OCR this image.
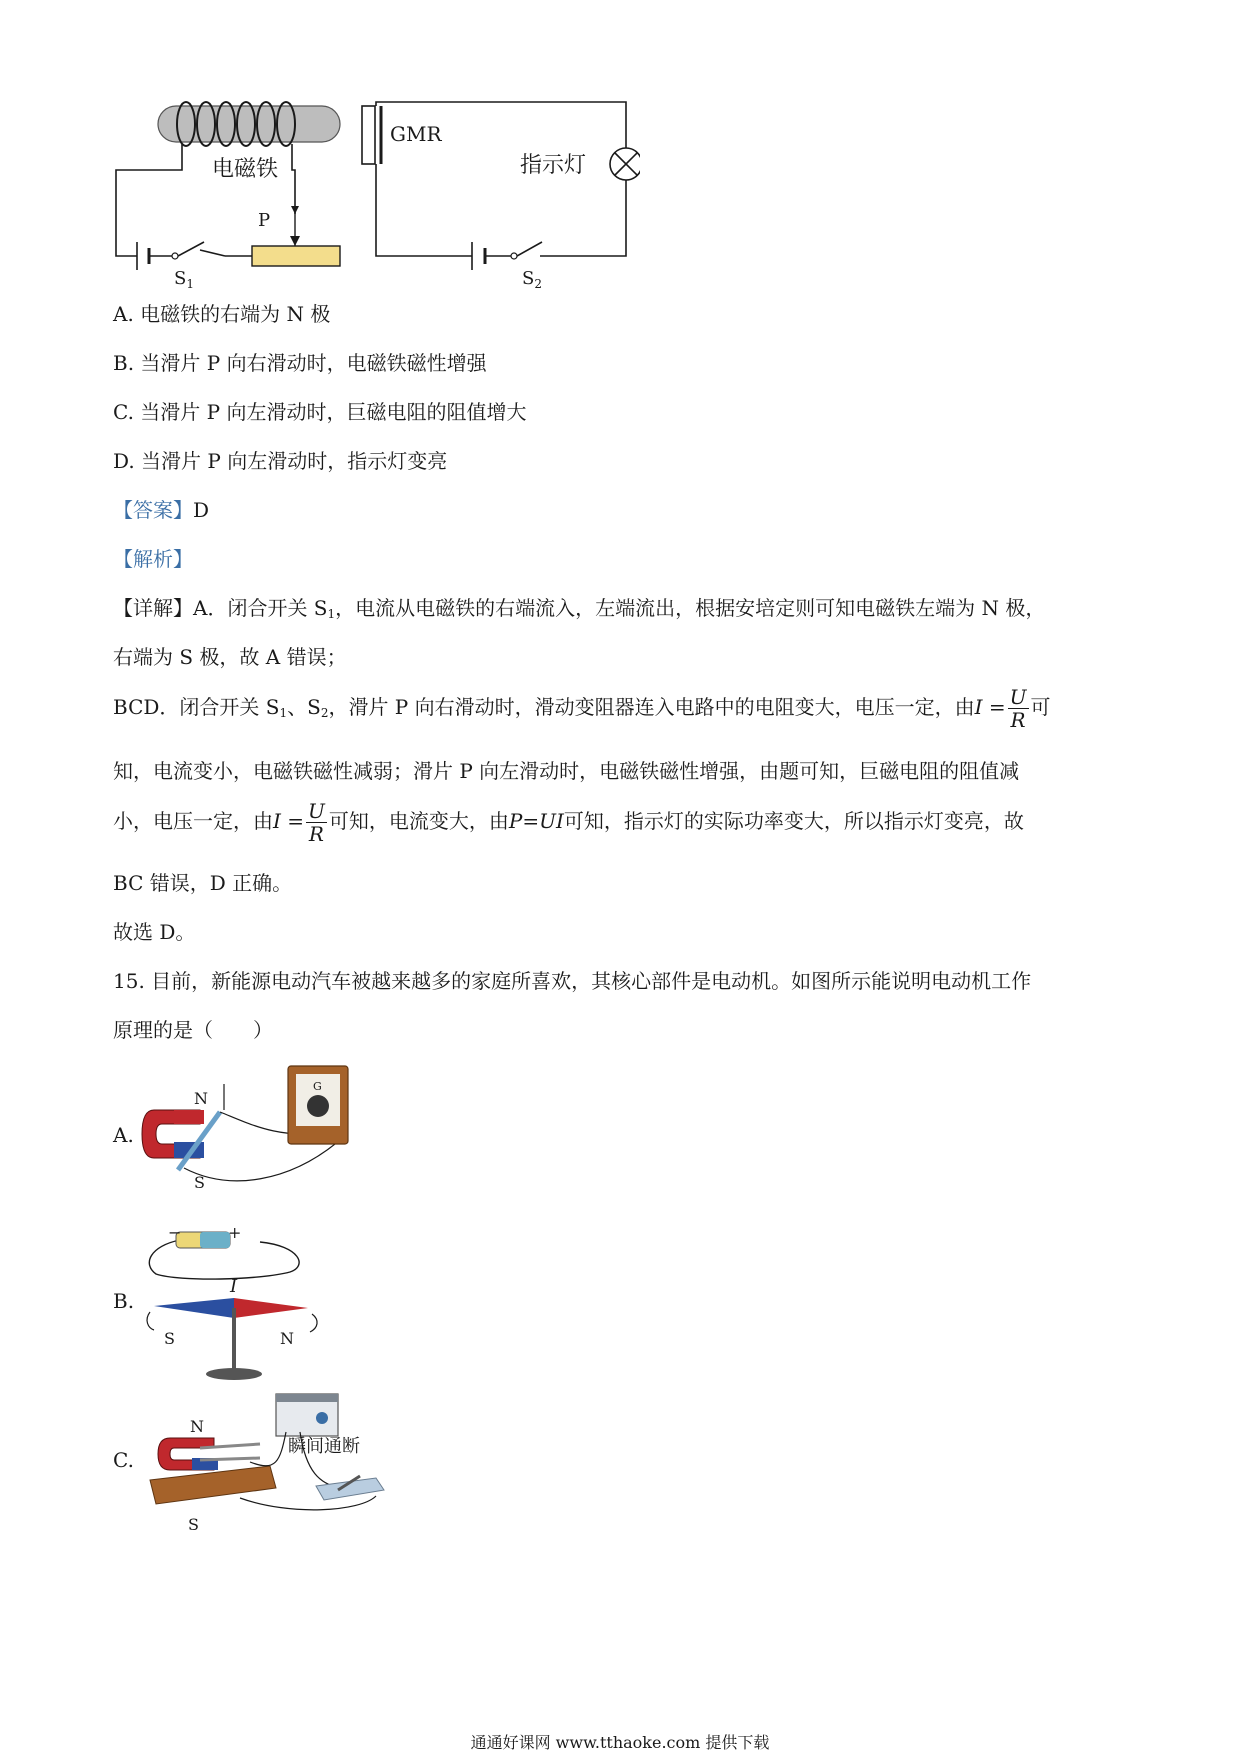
$S_1$
P
电磁铁
GMR
指示灯
$S_2$
A. 电磁铁的右端为 N 极
B. 当滑片 P 向右滑动时，电磁铁磁性增强
C. 当滑片 P 向左滑动时，巨磁电阻的阻值增大
D. 当滑片 P 向左滑动时，指示灯变亮
【答案】D
【解析】
【详解】A．闭合开关 $S_1$，电流从电磁铁的右端流入，左端流出，根据安培定则可知电磁铁左端为 N 极，
右端为 S 极，故 A 错误；
BCD．闭合开关 $S_1$、$S_2$，滑片 P 向右滑动时，滑动变阻器连入电路中的电阻变大，电压一定，由$I = \frac{U}{R}$ 可
知，电流变小，电磁铁磁性减弱；滑片 P 向左滑动时，电磁铁磁性增强，由题可知，巨磁电阻的阻值减
小，电压一定，由$I = \frac{U}{R}$ 可知，电流变大，由P=UI可知，指示灯的实际功率变大，所以指示灯变亮，故
BC 错误，D 正确。
故选 D。
15. 目前，新能源电动汽车被越来越多的家庭所喜欢，其核心部件是电动机。如图所示能说明电动机工作
原理的是（　　）
A.
G
N
S
B.
−	+
I
S	N
C.
瞬间通断
N
S
通通好课网 www.tthaoke.com 提供下载
